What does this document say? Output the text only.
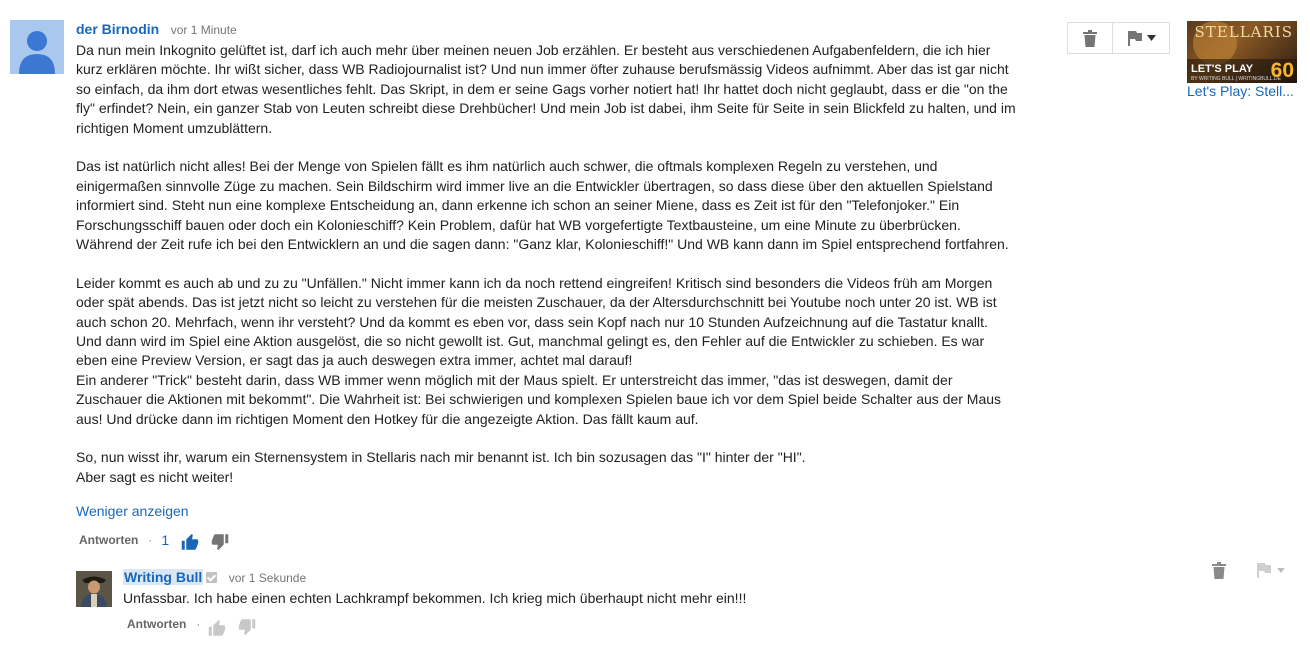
der Birnodin vor 1 Minute

Da nun mein Inkognito gelüftet ist, darf ich auch mehr über meinen neuen Job erzählen. Er besteht aus verschiedenen Aufgabenfeldern, die ich hier kurz erklären möchte. Ihr wißt sicher, dass WB Radiojournalist ist? Und nun immer öfter zuhause berufsmässig Videos aufnimmt. Aber das ist gar nicht so einfach, da ihm dort etwas wesentliches fehlt. Das Skript, in dem er seine Gags vorher notiert hat! Ihr hattet doch nicht geglaubt, dass er die "on the fly" erfindet? Nein, ein ganzer Stab von Leuten schreibt diese Drehbücher! Und mein Job ist dabei, ihm Seite für Seite in sein Blickfeld zu halten, und im richtigen Moment umzublättern.

Das ist natürlich nicht alles! Bei der Menge von Spielen fällt es ihm natürlich auch schwer, die oftmals komplexen Regeln zu verstehen, und einigermaßen sinnvolle Züge zu machen. Sein Bildschirm wird immer live an die Entwickler übertragen, so dass diese über den aktuellen Spielstand informiert sind. Steht nun eine komplexe Entscheidung an, dann erkenne ich schon an seiner Miene, dass es Zeit ist für den "Telefonjoker." Ein Forschungsschiff bauen oder doch ein Kolonieschiff? Kein Problem, dafür hat WB vorgefertigte Textbausteine, um eine Minute zu überbrücken. Während der Zeit rufe ich bei den Entwicklern an und die sagen dann: "Ganz klar, Kolonieschiff!" Und WB kann dann im Spiel entsprechend fortfahren.

Leider kommt es auch ab und zu zu "Unfällen." Nicht immer kann ich da noch rettend eingreifen! Kritisch sind besonders die Videos früh am Morgen oder spät abends. Das ist jetzt nicht so leicht zu verstehen für die meisten Zuschauer, da der Altersdurchschnitt bei Youtube noch unter 20 ist. WB ist auch schon 20. Mehrfach, wenn ihr versteht? Und da kommt es eben vor, dass sein Kopf nach nur 10 Stunden Aufzeichnung auf die Tastatur knallt. Und dann wird im Spiel eine Aktion ausgelöst, die so nicht gewollt ist. Gut, manchmal gelingt es, den Fehler auf die Entwickler zu schieben. Es war eben eine Preview Version, er sagt das ja auch deswegen extra immer, achtet mal darauf!

Ein anderer "Trick" besteht darin, dass WB immer wenn möglich mit der Maus spielt. Er unterstreicht das immer, "das ist deswegen, damit der Zuschauer die Aktionen mit bekommt". Die Wahrheit ist: Bei schwierigen und komplexen Spielen baue ich vor dem Spiel beide Schalter aus der Maus aus! Und drücke dann im richtigen Moment den Hotkey für die angezeigte Aktion. Das fällt kaum auf.

So, nun wisst ihr, warum ein Sternensystem in Stellaris nach mir benannt ist. Ich bin sozusagen das "I" hinter der "HI".

Aber sagt es nicht weiter!

Weniger anzeigen
Antworten · 1
STELLARIS
LET'S PLAY
BY WRITING BULL | WRITINGBULL.DE
60
Let's Play: Stell...
Writing Bull vor 1 Sekunde
Unfassbar. Ich habe einen echten Lachkrampf bekommen. Ich krieg mich überhaupt nicht mehr ein!!!
Antworten ·
